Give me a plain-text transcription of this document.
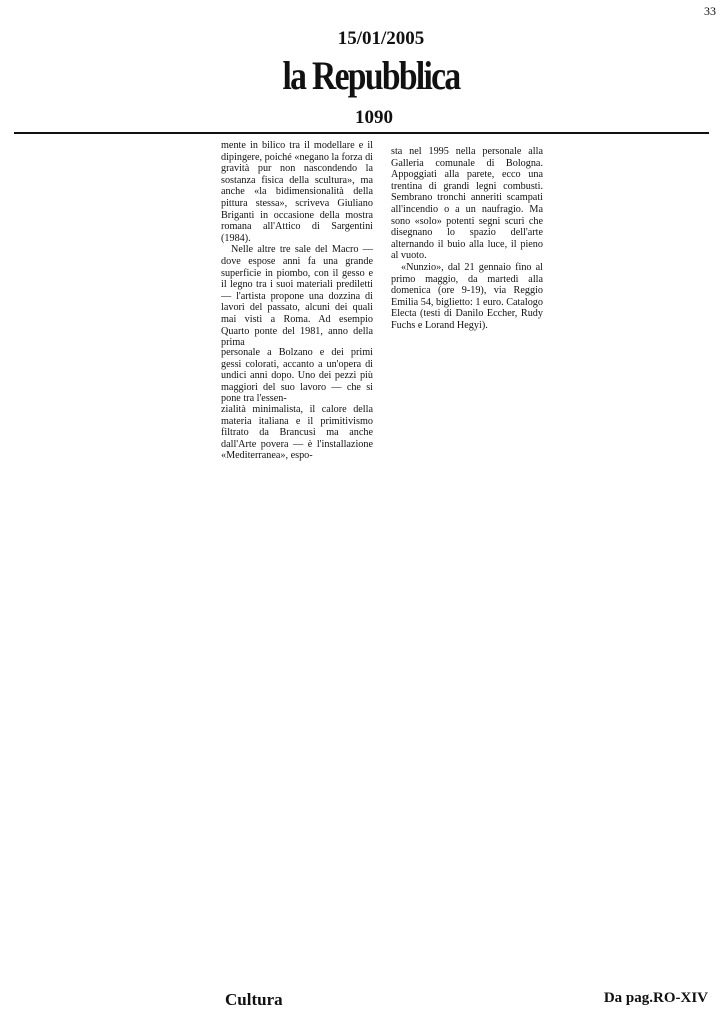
33
15/01/2005
la Repubblica
1090

mente in bilico tra il modellare e il dipingere, poiché «negano la forza di gravità pur non nascondendo la sostanza fisica della scultura», ma anche «la bidimensionalità della pittura stessa», scriveva Giuliano Briganti in occasione della mostra romana all'Attico di Sargentini (1984).

Nelle altre tre sale del Macro — dove espose anni fa una grande superficie in piombo, con il gesso e il legno tra i suoi materiali prediletti — l'artista propone una dozzina di lavori del passato, alcuni dei quali mai visti a Roma. Ad esempio Quarto ponte del 1981, anno della prima

personale a Bolzano e dei primi gessi colorati, accanto a un'opera di undici anni dopo. Uno dei pezzi più maggiori del suo lavoro — che si pone tra l'essen-

zialità minimalista, il calore della materia italiana e il primitivismo filtrato da Brancusi ma anche dall'Arte povera — è l'installazione «Mediterranea», espo-

sta nel 1995 nella personale alla Galleria comunale di Bologna. Appoggiati alla parete, ecco una trentina di grandi legni combusti. Sembrano tronchi anneriti scampati all'incendio o a un naufragio. Ma sono «solo» potenti segni scuri che disegnano lo spazio dell'arte alternando il buio alla luce, il pieno al vuoto.

«Nunzio», dal 21 gennaio fino al primo maggio, da martedì alla domenica (ore 9-19), via Reggio Emilia 54, biglietto: 1 euro. Catalogo Electa (testi di Danilo Eccher, Rudy Fuchs e Lorand Hegyi).

Cultura	Da pag.RO-XIV
